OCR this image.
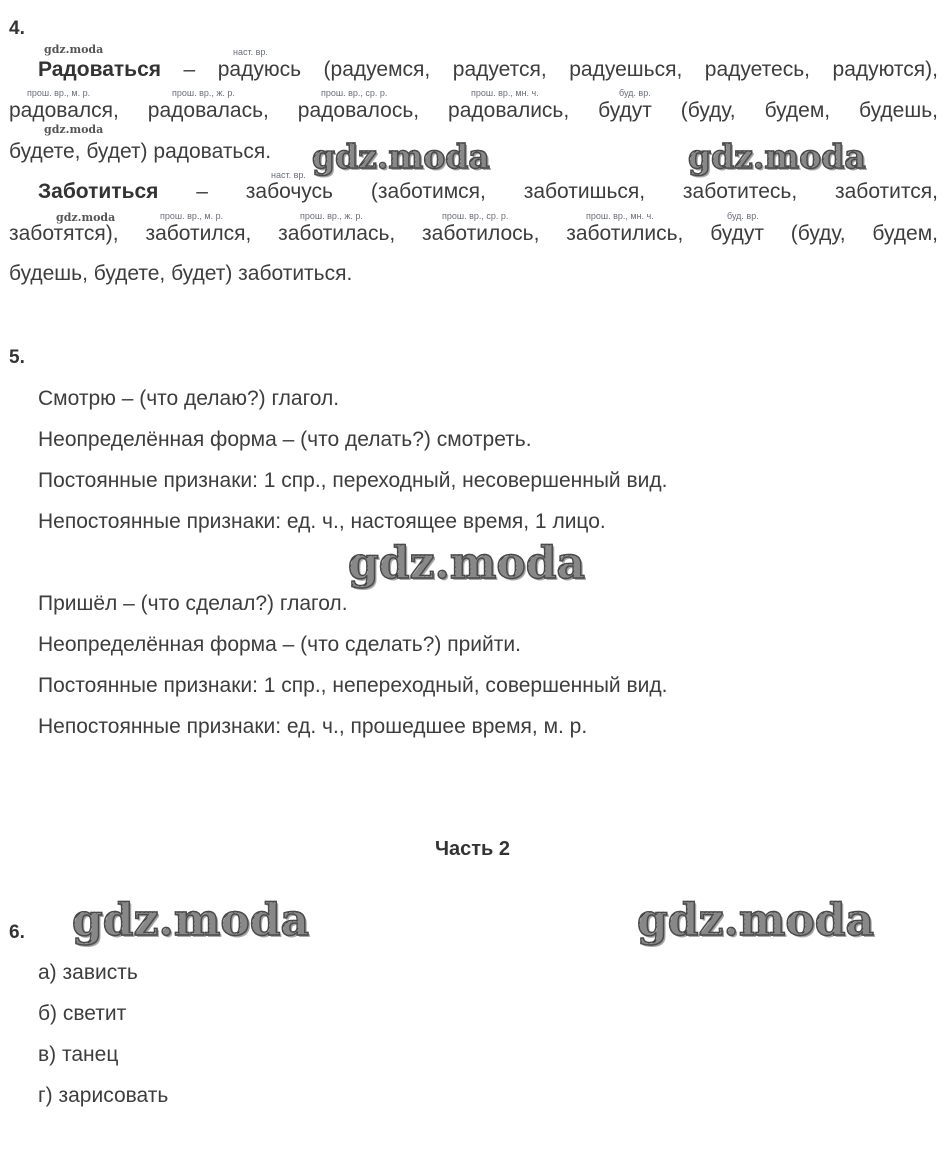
4.
gdz.moda	наст. вр.
Радоваться – радуюсь (радуемся, радуется, радуешься, радуетесь, радуются),
прош. вр., м. р.	прош. вр., ж. р.	прош. вр., ср. р.	прош. вр., мн. ч.	буд. вр.
радовался, радовалась, радовалось, радовались, будут (буду, будем, будешь,
gdz.moda
будете, будет) радоваться. gdz.moda	gdz.moda
наст. вр.
Заботиться – забочусь (заботимся, заботишься, заботитесь, заботится,
gdz.moda	прош. вр., м. р.	прош. вр., ж. р.	прош. вр., ср. р.	прош. вр., мн. ч.	буд. вр.
заботятся), заботился, заботилась, заботилось, заботились, будут (буду, будем,
будешь, будете, будет) заботиться.
5.
Смотрю – (что делаю?) глагол.
Неопределённая форма – (что делать?) смотреть.
Постоянные признаки: 1 спр., переходный, несовершенный вид.
Непостоянные признаки: ед. ч., настоящее время, 1 лицо.
gdz.moda
Пришёл – (что сделал?) глагол.
Неопределённая форма – (что сделать?) прийти.
Постоянные признаки: 1 спр., непереходный, совершенный вид.
Непостоянные признаки: ед. ч., прошедшее время, м. р.
Часть 2
gdz.moda	gdz.moda
6.
а) зависть
б) светит
в) танец
г) зарисовать
